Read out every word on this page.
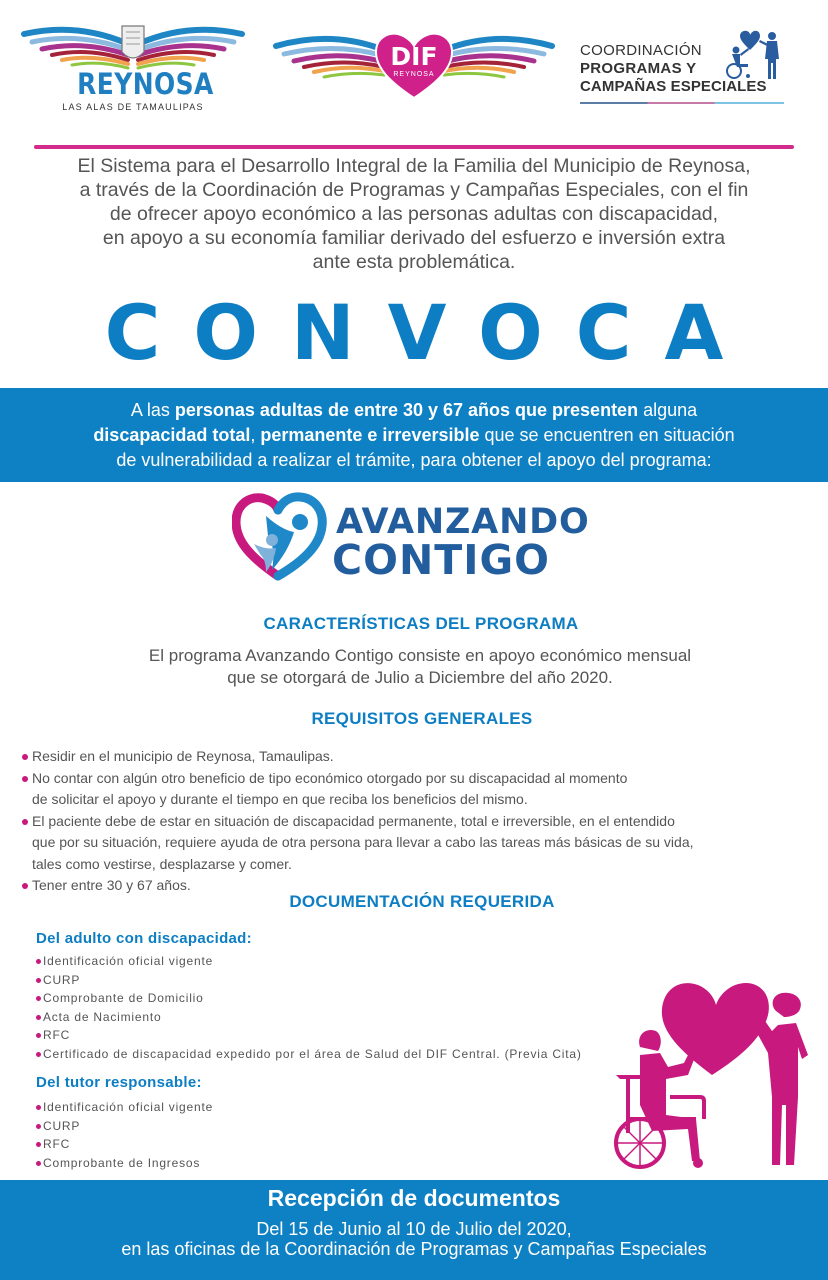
REYNOSA
LAS ALAS DE TAMAULIPAS
DIF
REYNOSA
COORDINACIÓN
PROGRAMAS Y
CAMPAÑAS ESPECIALES
El Sistema para el Desarrollo Integral de la Familia del Municipio de Reynosa,
a través de la Coordinación de Programas y Campañas Especiales, con el fin
de ofrecer apoyo económico a las personas adultas con discapacidad,
en apoyo a su economía familiar derivado del esfuerzo e inversión extra
ante esta problemática.
CONVOCA
A las personas adultas de entre 30 y 67 años que presenten alguna
discapacidad total, permanente e irreversible que se encuentren en situación
de vulnerabilidad a realizar el trámite, para obtener el apoyo del programa:
AVANZANDO
CONTIGO
CARACTERÍSTICAS DEL PROGRAMA
El programa Avanzando Contigo consiste en apoyo económico mensual
que se otorgará de Julio a Diciembre del año 2020.
REQUISITOS GENERALES
Residir en el municipio de Reynosa, Tamaulipas.
No contar con algún otro beneficio de tipo económico otorgado por su discapacidad al momento
de solicitar el apoyo y durante el tiempo en que reciba los beneficios del mismo.
El paciente debe de estar en situación de discapacidad permanente, total e irreversible, en el entendido
que por su situación, requiere ayuda de otra persona para llevar a cabo las tareas más básicas de su vida,
tales como vestirse, desplazarse y comer.
Tener entre 30 y 67 años.
DOCUMENTACIÓN REQUERIDA
Del adulto con discapacidad:
Identificación oficial vigente
CURP
Comprobante de Domicilio
Acta de Nacimiento
RFC
Certificado de discapacidad expedido por el área de Salud del DIF Central. (Previa Cita)
Del tutor responsable:
Identificación oficial vigente
CURP
RFC
Comprobante de Ingresos
Recepción de documentos
Del 15 de Junio al 10 de Julio del 2020,
en las oficinas de la Coordinación de Programas y Campañas Especiales
